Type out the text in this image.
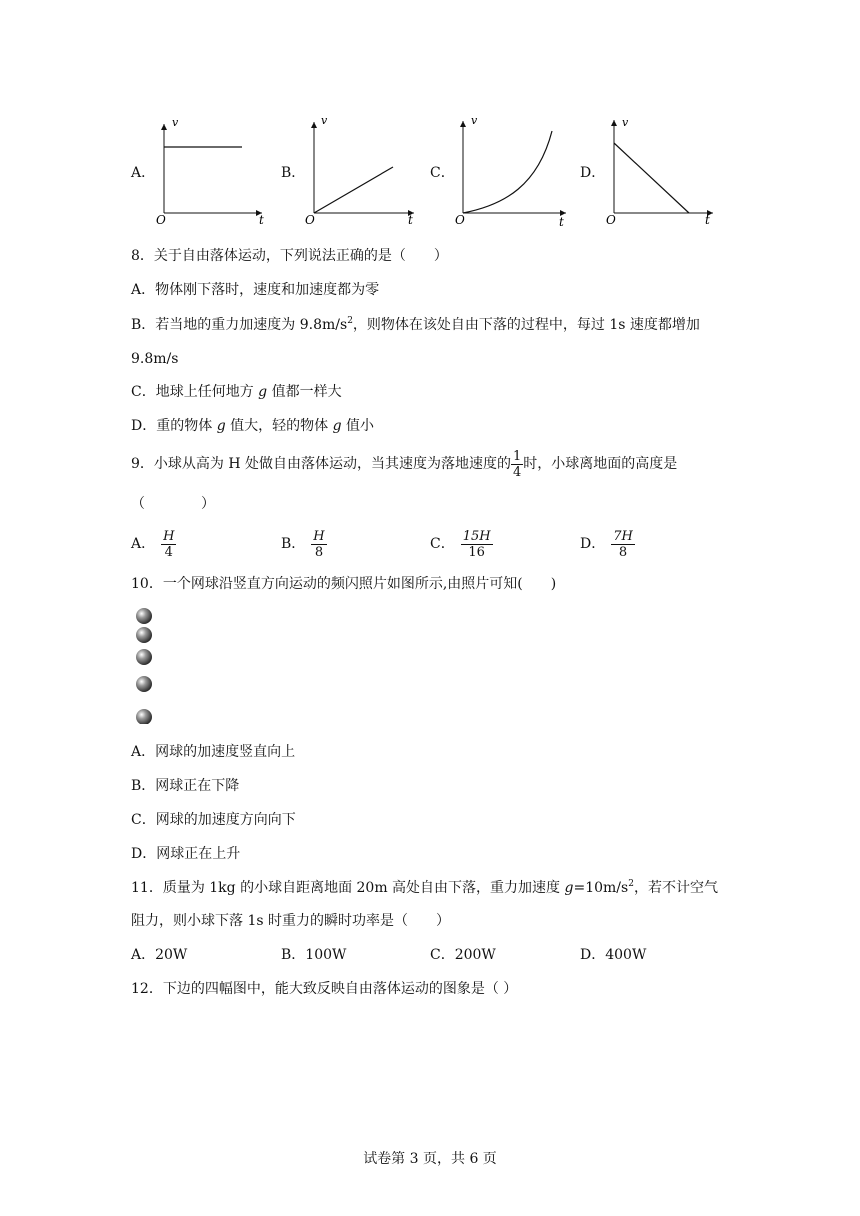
A．	B．	C．	D．
v
t
O
v
t
O
v
t
O
v
t
O
8．关于自由落体运动，下列说法正确的是（　　）
A．物体刚下落时，速度和加速度都为零
B．若当地的重力加速度为 $9.8m/s^2$，则物体在该处自由下落的过程中，每过 1s 速度都增加
9.8m/s
C．地球上任何地方 g 值都一样大
D．重的物体 g 值大，轻的物体 g 值小
9．小球从高为 H 处做自由落体运动，当其速度为落地速度的 $\frac{1}{4}$ 时，小球离地面的高度是
（　　　　）
A． $\frac{H}{4}$	B． $\frac{H}{8}$	C． $\frac{15H}{16}$	D． $\frac{7H}{8}$
10．一个网球沿竖直方向运动的频闪照片如图所示,由照片可知(　　)
A．网球的加速度竖直向上
B．网球正在下降
C．网球的加速度方向向下
D．网球正在上升
11．质量为 1kg 的小球自距离地面 20m 高处自由下落，重力加速度 $g=10m/s^2$，若不计空气
阻力，则小球下落 1s 时重力的瞬时功率是（　　）
A．20W	B．100W	C．200W	D．400W
12．下边的四幅图中，能大致反映自由落体运动的图象是（ ）
试卷第 3 页，共 6 页
